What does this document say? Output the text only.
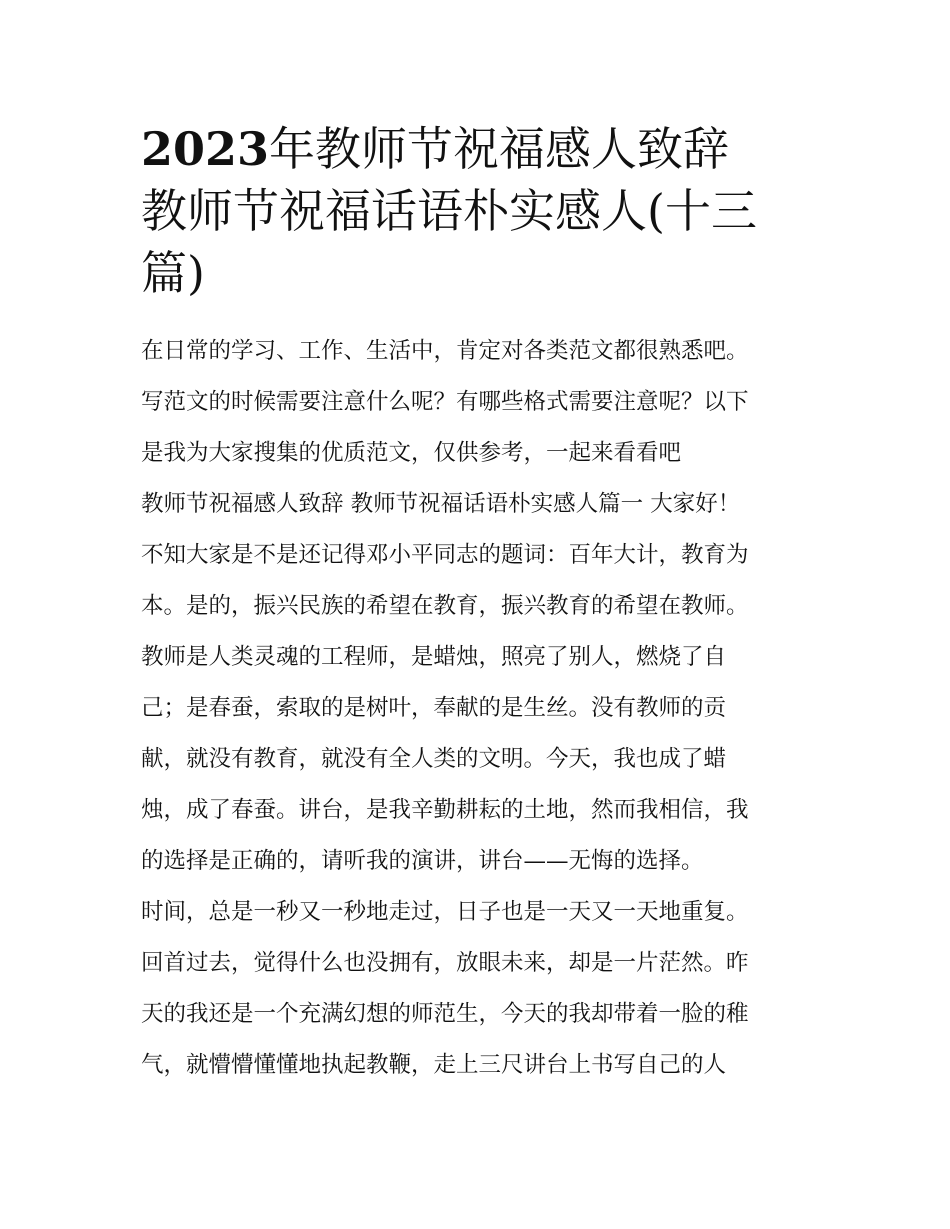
2023年教师节祝福感人致辞
教师节祝福话语朴实感人(十三
篇)

在日常的学习、工作、生活中，肯定对各类范文都很熟悉吧。
写范文的时候需要注意什么呢？有哪些格式需要注意呢？以下
是我为大家搜集的优质范文，仅供参考，一起来看看吧

教师节祝福感人致辞 教师节祝福话语朴实感人篇一 大家好！
不知大家是不是还记得邓小平同志的题词：百年大计，教育为
本。是的，振兴民族的希望在教育，振兴教育的希望在教师。
教师是人类灵魂的工程师，是蜡烛，照亮了别人，燃烧了自
己；是春蚕，索取的是树叶，奉献的是生丝。没有教师的贡
献，就没有教育，就没有全人类的文明。今天，我也成了蜡
烛，成了春蚕。讲台，是我辛勤耕耘的土地，然而我相信，我
的选择是正确的，请听我的演讲，讲台——无悔的选择。

时间，总是一秒又一秒地走过，日子也是一天又一天地重复。
回首过去，觉得什么也没拥有，放眼未来，却是一片茫然。昨
天的我还是一个充满幻想的师范生，今天的我却带着一脸的稚
气，就懵懵懂懂地执起教鞭，走上三尺讲台上书写自己的人
